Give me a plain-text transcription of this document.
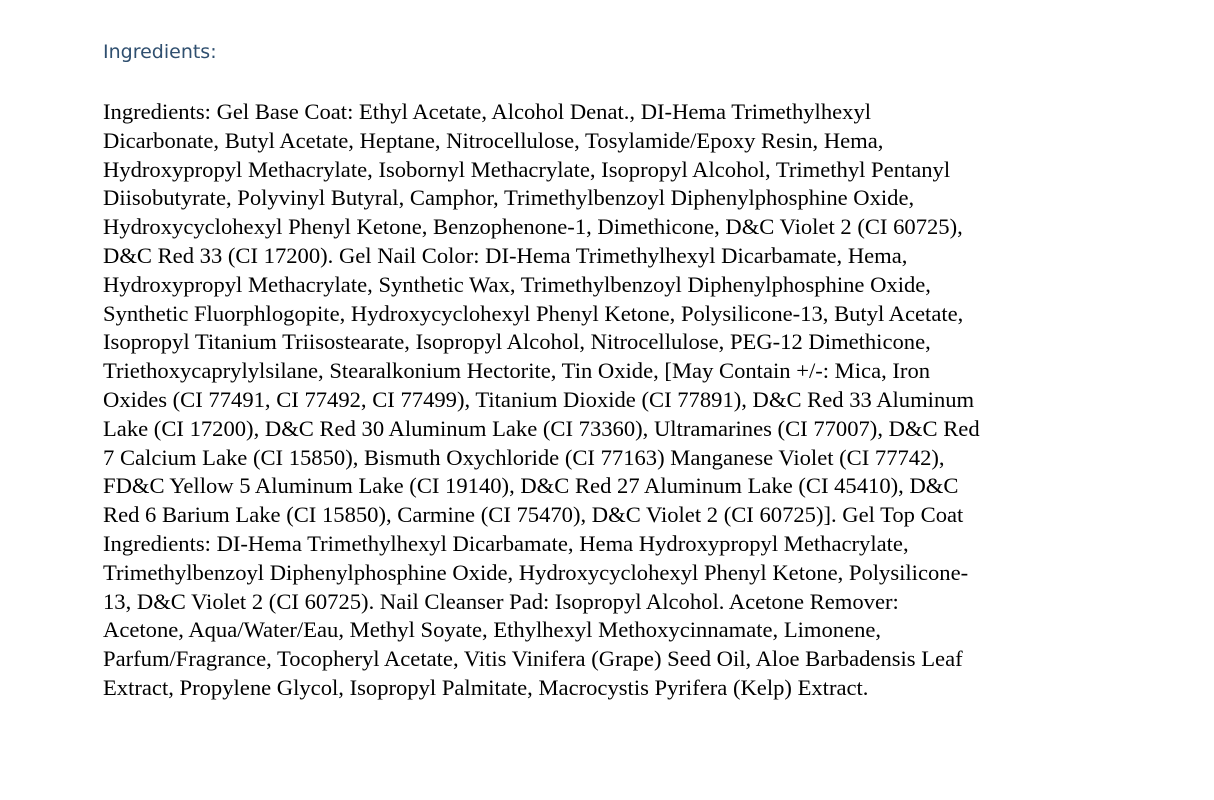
Ingredients:

Ingredients: Gel Base Coat: Ethyl Acetate, Alcohol Denat., DI-Hema Trimethylhexyl
Dicarbonate, Butyl Acetate, Heptane, Nitrocellulose, Tosylamide/Epoxy Resin, Hema,
Hydroxypropyl Methacrylate, Isobornyl Methacrylate, Isopropyl Alcohol, Trimethyl Pentanyl
Diisobutyrate, Polyvinyl Butyral, Camphor, Trimethylbenzoyl Diphenylphosphine Oxide,
Hydroxycyclohexyl Phenyl Ketone, Benzophenone-1, Dimethicone, D&C Violet 2 (CI 60725),
D&C Red 33 (CI 17200). Gel Nail Color: DI-Hema Trimethylhexyl Dicarbamate, Hema,
Hydroxypropyl Methacrylate, Synthetic Wax, Trimethylbenzoyl Diphenylphosphine Oxide,
Synthetic Fluorphlogopite, Hydroxycyclohexyl Phenyl Ketone, Polysilicone-13, Butyl Acetate,
Isopropyl Titanium Triisostearate, Isopropyl Alcohol, Nitrocellulose, PEG-12 Dimethicone,
Triethoxycaprylylsilane, Stearalkonium Hectorite, Tin Oxide, [May Contain +/-: Mica, Iron
Oxides (CI 77491, CI 77492, CI 77499), Titanium Dioxide (CI 77891), D&C Red 33 Aluminum
Lake (CI 17200), D&C Red 30 Aluminum Lake (CI 73360), Ultramarines (CI 77007), D&C Red
7 Calcium Lake (CI 15850), Bismuth Oxychloride (CI 77163) Manganese Violet (CI 77742),
FD&C Yellow 5 Aluminum Lake (CI 19140), D&C Red 27 Aluminum Lake (CI 45410), D&C
Red 6 Barium Lake (CI 15850), Carmine (CI 75470), D&C Violet 2 (CI 60725)]. Gel Top Coat
Ingredients: DI-Hema Trimethylhexyl Dicarbamate, Hema Hydroxypropyl Methacrylate,
Trimethylbenzoyl Diphenylphosphine Oxide, Hydroxycyclohexyl Phenyl Ketone, Polysilicone-
13, D&C Violet 2 (CI 60725). Nail Cleanser Pad: Isopropyl Alcohol. Acetone Remover:
Acetone, Aqua/Water/Eau, Methyl Soyate, Ethylhexyl Methoxycinnamate, Limonene,
Parfum/Fragrance, Tocopheryl Acetate, Vitis Vinifera (Grape) Seed Oil, Aloe Barbadensis Leaf
Extract, Propylene Glycol, Isopropyl Palmitate, Macrocystis Pyrifera (Kelp) Extract.
